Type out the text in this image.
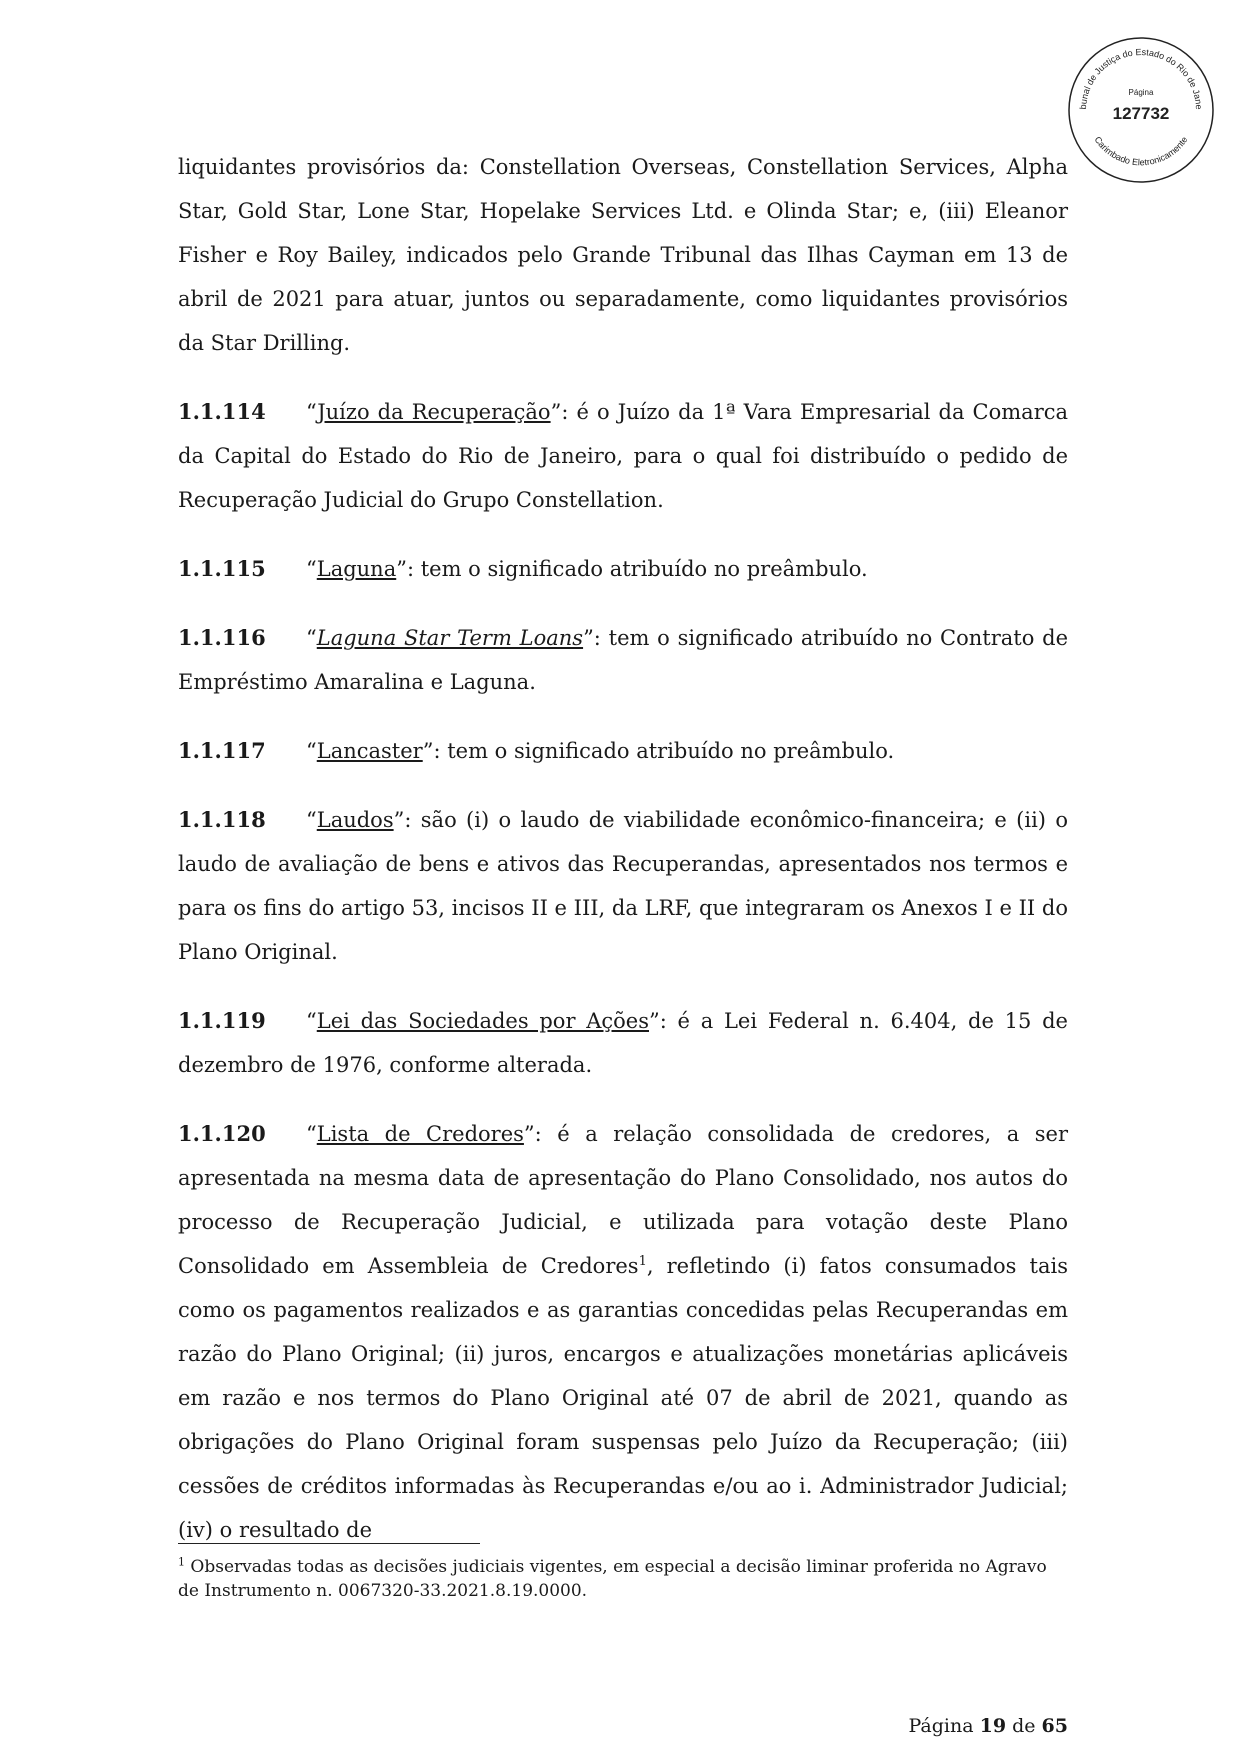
bunal de Justiça do Estado do Rio de Jane
Página
127732
Carimbado Eletronicamente

liquidantes provisórios da: Constellation Overseas, Constellation Services, Alpha Star, Gold Star, Lone Star, Hopelake Services Ltd. e Olinda Star; e, (iii) Eleanor Fisher e Roy Bailey, indicados pelo Grande Tribunal das Ilhas Cayman em 13 de abril de 2021 para atuar, juntos ou separadamente, como liquidantes provisórios da Star Drilling.

1.1.114 “Juízo da Recuperação”: é o Juízo da 1ª Vara Empresarial da Comarca da Capital do Estado do Rio de Janeiro, para o qual foi distribuído o pedido de Recuperação Judicial do Grupo Constellation.

1.1.115 “Laguna”: tem o significado atribuído no preâmbulo.

1.1.116 “Laguna Star Term Loans”: tem o significado atribuído no Contrato de Empréstimo Amaralina e Laguna.

1.1.117 “Lancaster”: tem o significado atribuído no preâmbulo.

1.1.118 “Laudos”: são (i) o laudo de viabilidade econômico-financeira; e (ii) o laudo de avaliação de bens e ativos das Recuperandas, apresentados nos termos e para os fins do artigo 53, incisos II e III, da LRF, que integraram os Anexos I e II do Plano Original.

1.1.119 “Lei das Sociedades por Ações”: é a Lei Federal n. 6.404, de 15 de dezembro de 1976, conforme alterada.

1.1.120 “Lista de Credores”: é a relação consolidada de credores, a ser apresentada na mesma data de apresentação do Plano Consolidado, nos autos do processo de Recuperação Judicial, e utilizada para votação deste Plano Consolidado em Assembleia de Credores$^1$, refletindo (i) fatos consumados tais como os pagamentos realizados e as garantias concedidas pelas Recuperandas em razão do Plano Original; (ii) juros, encargos e atualizações monetárias aplicáveis em razão e nos termos do Plano Original até 07 de abril de 2021, quando as obrigações do Plano Original foram suspensas pelo Juízo da Recuperação; (iii) cessões de créditos informadas às Recuperandas e/ou ao i. Administrador Judicial; (iv) o resultado de

$^1$ Observadas todas as decisões judiciais vigentes, em especial a decisão liminar proferida no Agravo de Instrumento n. 0067320-33.2021.8.19.0000.
Página 19 de 65
